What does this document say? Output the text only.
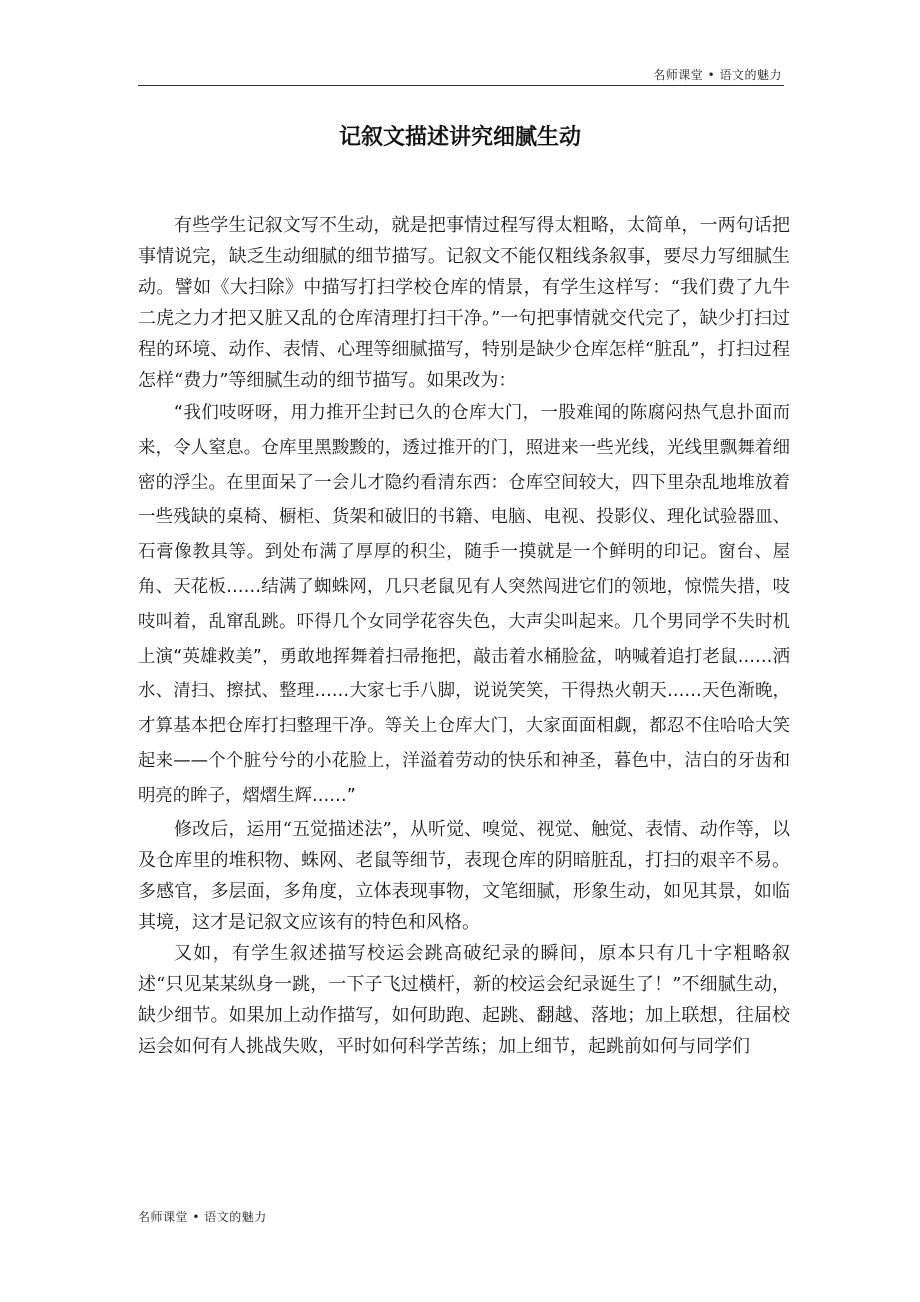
名师课堂 • 语文的魅力
记叙文描述讲究细腻生动

有些学生记叙文写不生动，就是把事情过程写得太粗略，太简单，一两句话把事情说完，缺乏生动细腻的细节描写。记叙文不能仅粗线条叙事，要尽力写细腻生动。譬如《大扫除》中描写打扫学校仓库的情景，有学生这样写：“我们费了九牛二虎之力才把又脏又乱的仓库清理打扫干净。”一句把事情就交代完了，缺少打扫过程的环境、动作、表情、心理等细腻描写，特别是缺少仓库怎样“脏乱”，打扫过程怎样“费力”等细腻生动的细节描写。如果改为：

“我们吱呀呀，用力推开尘封已久的仓库大门，一股难闻的陈腐闷热气息扑面而来，令人窒息。仓库里黑黢黢的，透过推开的门，照进来一些光线，光线里飘舞着细密的浮尘。在里面呆了一会儿才隐约看清东西：仓库空间较大，四下里杂乱地堆放着一些残缺的桌椅、橱柜、货架和破旧的书籍、电脑、电视、投影仪、理化试验器皿、石膏像教具等。到处布满了厚厚的积尘，随手一摸就是一个鲜明的印记。窗台、屋角、天花板……结满了蜘蛛网，几只老鼠见有人突然闯进它们的领地，惊慌失措，吱吱叫着，乱窜乱跳。吓得几个女同学花容失色，大声尖叫起来。几个男同学不失时机上演“英雄救美”，勇敢地挥舞着扫帚拖把，敲击着水桶脸盆，呐喊着追打老鼠……洒水、清扫、擦拭、整理……大家七手八脚，说说笑笑，干得热火朝天……天色渐晚，才算基本把仓库打扫整理干净。等关上仓库大门，大家面面相觑，都忍不住哈哈大笑起来——个个脏兮兮的小花脸上，洋溢着劳动的快乐和神圣，暮色中，洁白的牙齿和明亮的眸子，熠熠生辉……”

修改后，运用“五觉描述法”，从听觉、嗅觉、视觉、触觉、表情、动作等，以及仓库里的堆积物、蛛网、老鼠等细节，表现仓库的阴暗脏乱，打扫的艰辛不易。多感官，多层面，多角度，立体表现事物，文笔细腻，形象生动，如见其景，如临其境，这才是记叙文应该有的特色和风格。

又如，有学生叙述描写校运会跳高破纪录的瞬间，原本只有几十字粗略叙述“只见某某纵身一跳，一下子飞过横杆，新的校运会纪录诞生了！”不细腻生动，缺少细节。如果加上动作描写，如何助跑、起跳、翻越、落地；加上联想，往届校运会如何有人挑战失败，平时如何科学苦练；加上细节，起跳前如何与同学们

名师课堂 • 语文的魅力
